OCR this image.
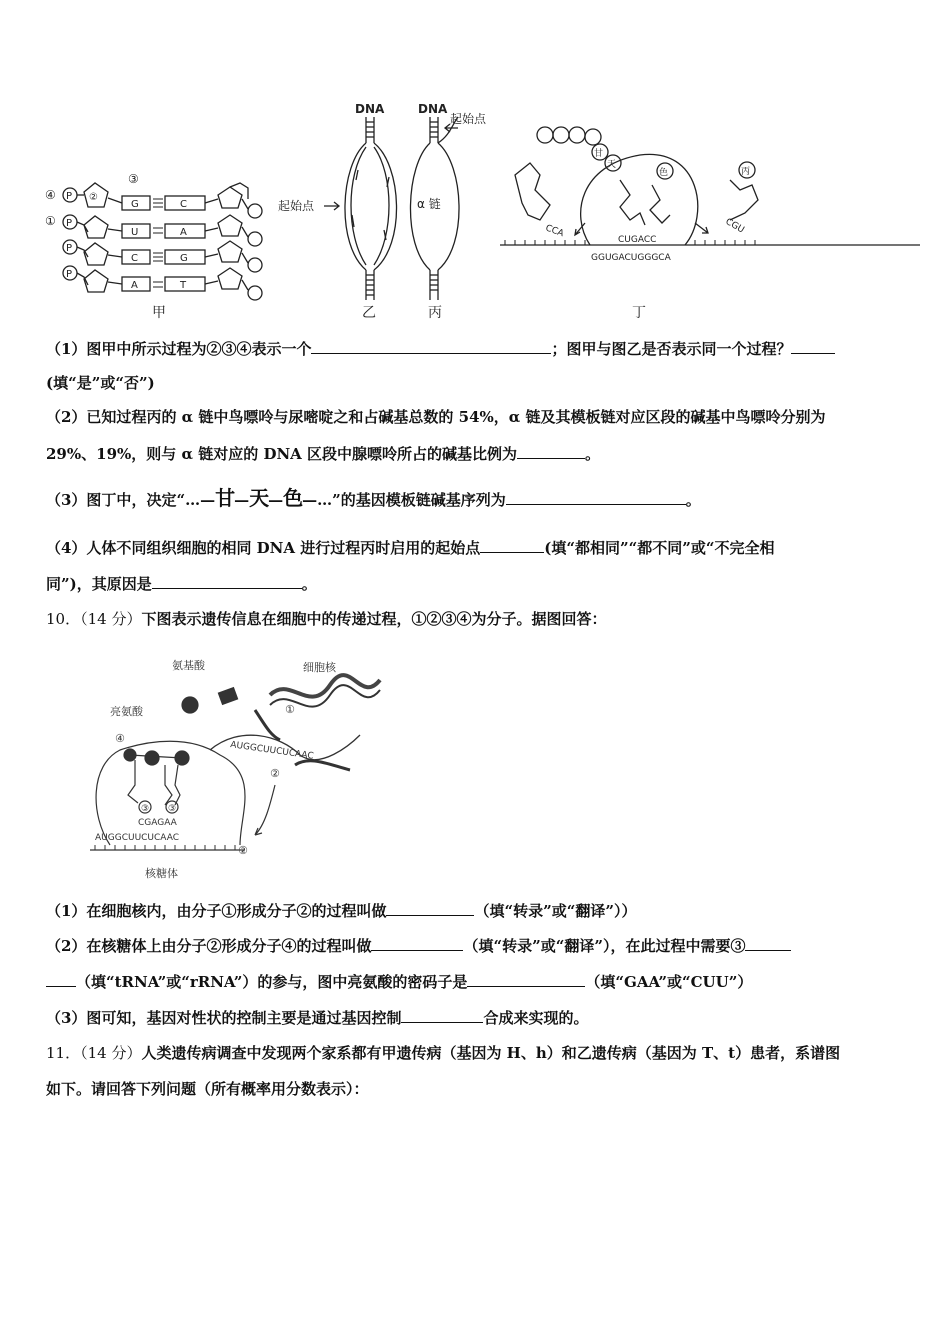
④ P ②
③
① P
P
P
G
U
C
A
C
A
G
T
甲
DNA
起始点
乙
DNA
起始点
α 链
丙
甘
天
色	丙
CCA	CGU
CUGACC
GGUGACUGGGCA
丁
（1）图甲中所示过程为②③④表示一个	；图甲与图乙是否表示同一个过程？
(填“是”或“否”)
（2）已知过程丙的 α 链中鸟嘌呤与尿嘧啶之和占碱基总数的 54%，α 链及其模板链对应区段的碱基中鸟嘌呤分别为
29%、19%，则与 α 链对应的 DNA 区段中腺嘌呤所占的碱基比例为	。
（3）图丁中，决定“…—甘—天—色—…”的基因模板链碱基序列为	。
（4）人体不同组织细胞的相同 DNA 进行过程丙时启用的起始点	(填“都相同”“都不同”或“不完全相
同”)，其原因是	。
10．（14 分）下图表示遗传信息在细胞中的传递过程，①②③④为分子。据图回答：
氨基酸	细胞核
①
亮氨酸
④
AUGGCUUCUCAAC
②
③ ③
CGAGAA
AUGGCUUCUCAAC
②
核糖体
（1）在细胞核内，由分子①形成分子②的过程叫做	（填“转录”或“翻译”））
（2）在核糖体上由分子②形成分子④的过程叫做	（填“转录”或“翻译”），在此过程中需要③
（填“tRNA”或“rRNA”）的参与，图中亮氨酸的密码子是	（填“GAA”或“CUU”）
（3）图可知，基因对性状的控制主要是通过基因控制	合成来实现的。
11．（14 分）人类遗传病调查中发现两个家系都有甲遗传病（基因为 H、h）和乙遗传病（基因为 T、t）患者，系谱图
如下。请回答下列问题（所有概率用分数表示）：
